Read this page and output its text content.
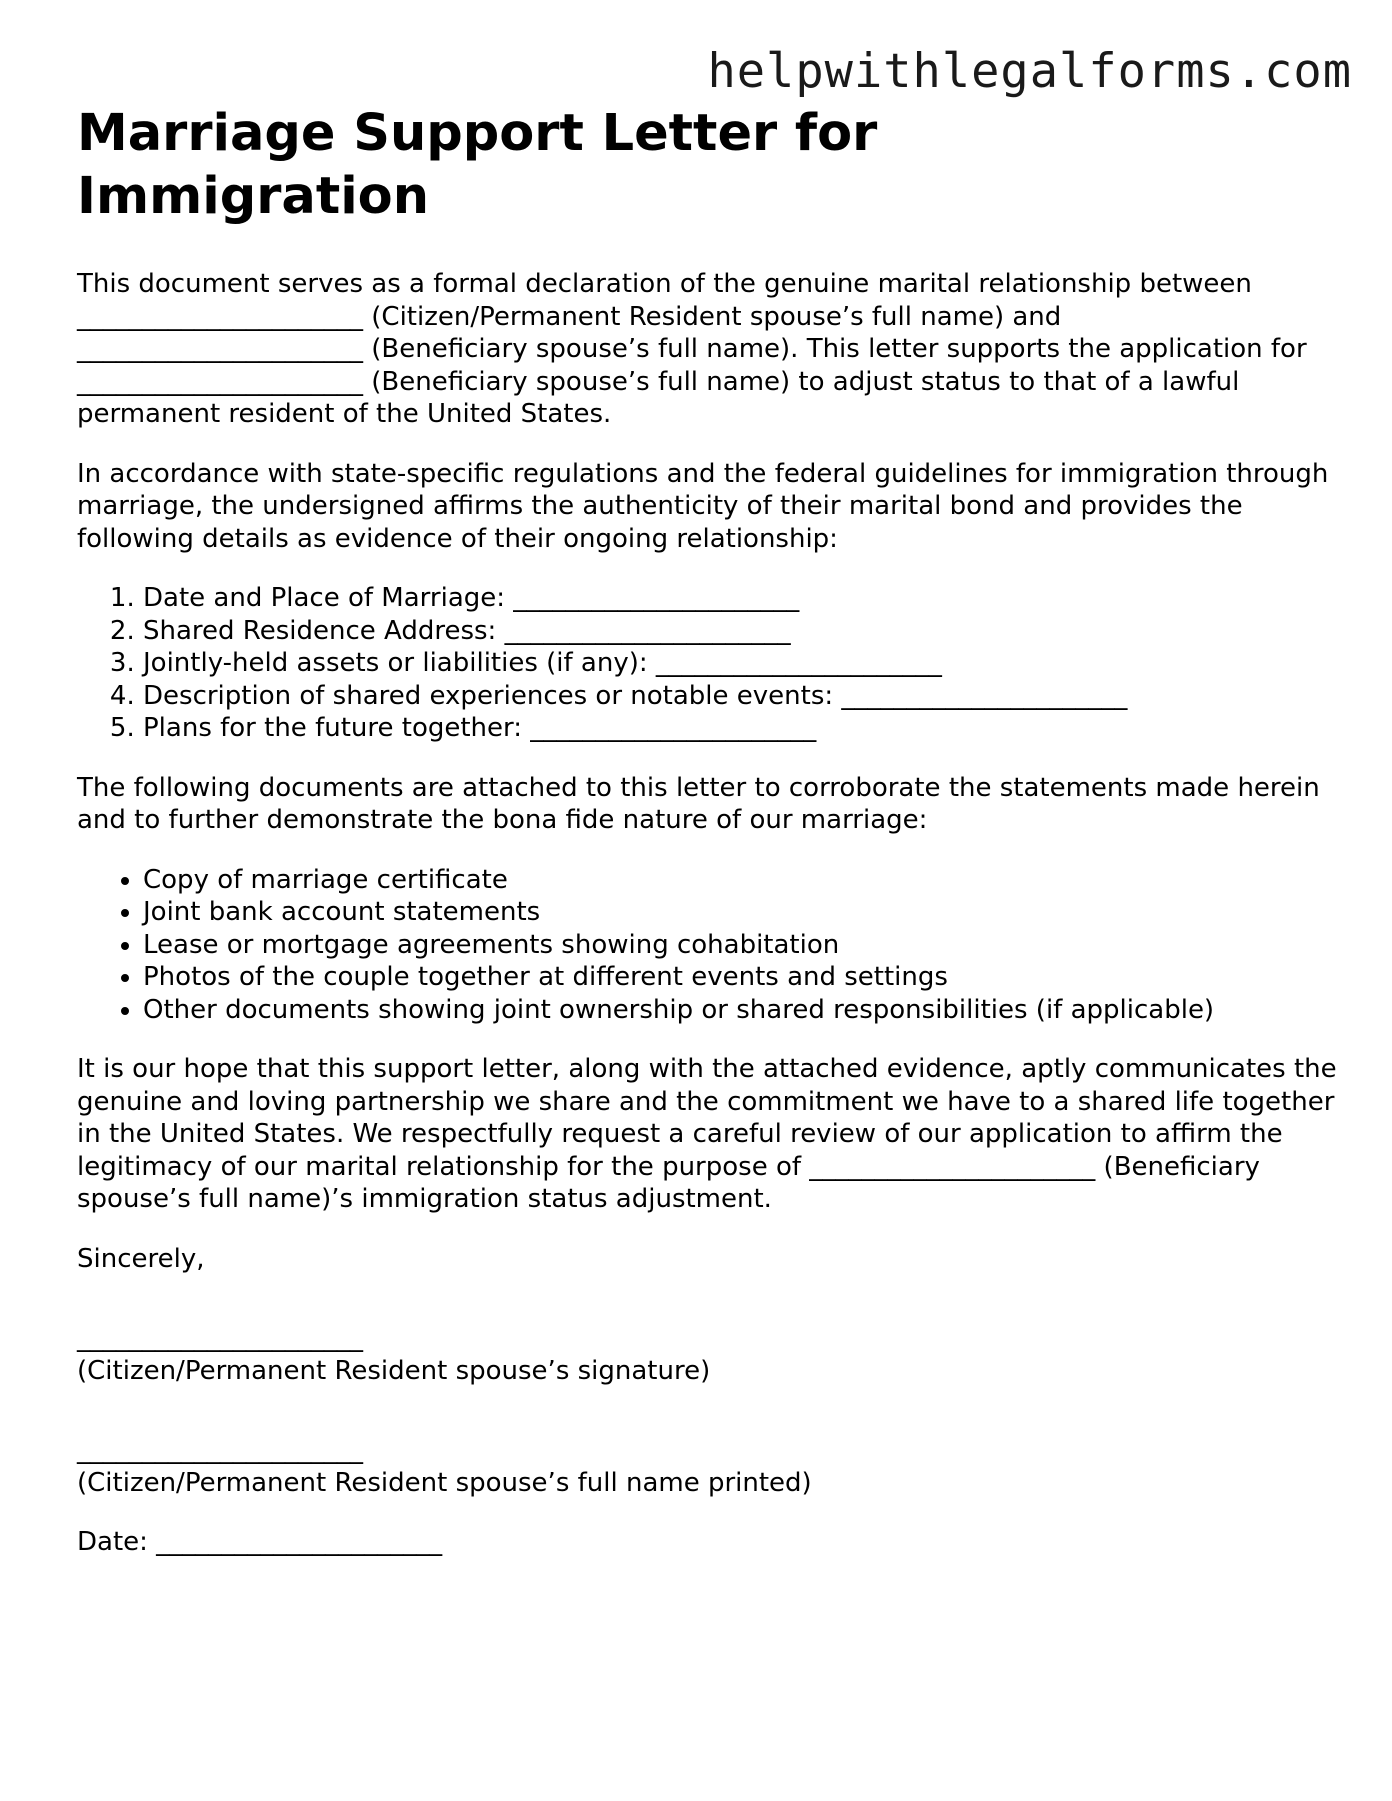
helpwithlegalforms.com
Marriage Support Letter for Immigration

This document serves as a formal declaration of the genuine marital relationship between ______________________ (Citizen/Permanent Resident spouse’s full name) and ______________________ (Beneficiary spouse’s full name). This letter supports the application for ______________________ (Beneficiary spouse’s full name) to adjust status to that of a lawful permanent resident of the United States.

In accordance with state-specific regulations and the federal guidelines for immigration through marriage, the undersigned affirms the authenticity of their marital bond and provides the following details as evidence of their ongoing relationship:

1. Date and Place of Marriage: ______________________
2. Shared Residence Address: ______________________
3. Jointly-held assets or liabilities (if any): ______________________
4. Description of shared experiences or notable events: ______________________
5. Plans for the future together: ______________________

The following documents are attached to this letter to corroborate the statements made herein and to further demonstrate the bona fide nature of our marriage:

• Copy of marriage certificate
• Joint bank account statements
• Lease or mortgage agreements showing cohabitation
• Photos of the couple together at different events and settings
• Other documents showing joint ownership or shared responsibilities (if applicable)

It is our hope that this support letter, along with the attached evidence, aptly communicates the genuine and loving partnership we share and the commitment we have to a shared life together in the United States. We respectfully request a careful review of our application to affirm the legitimacy of our marital relationship for the purpose of ______________________ (Beneficiary spouse’s full name)’s immigration status adjustment.

Sincerely,

______________________

(Citizen/Permanent Resident spouse’s signature)

______________________

(Citizen/Permanent Resident spouse’s full name printed)

Date: ______________________
